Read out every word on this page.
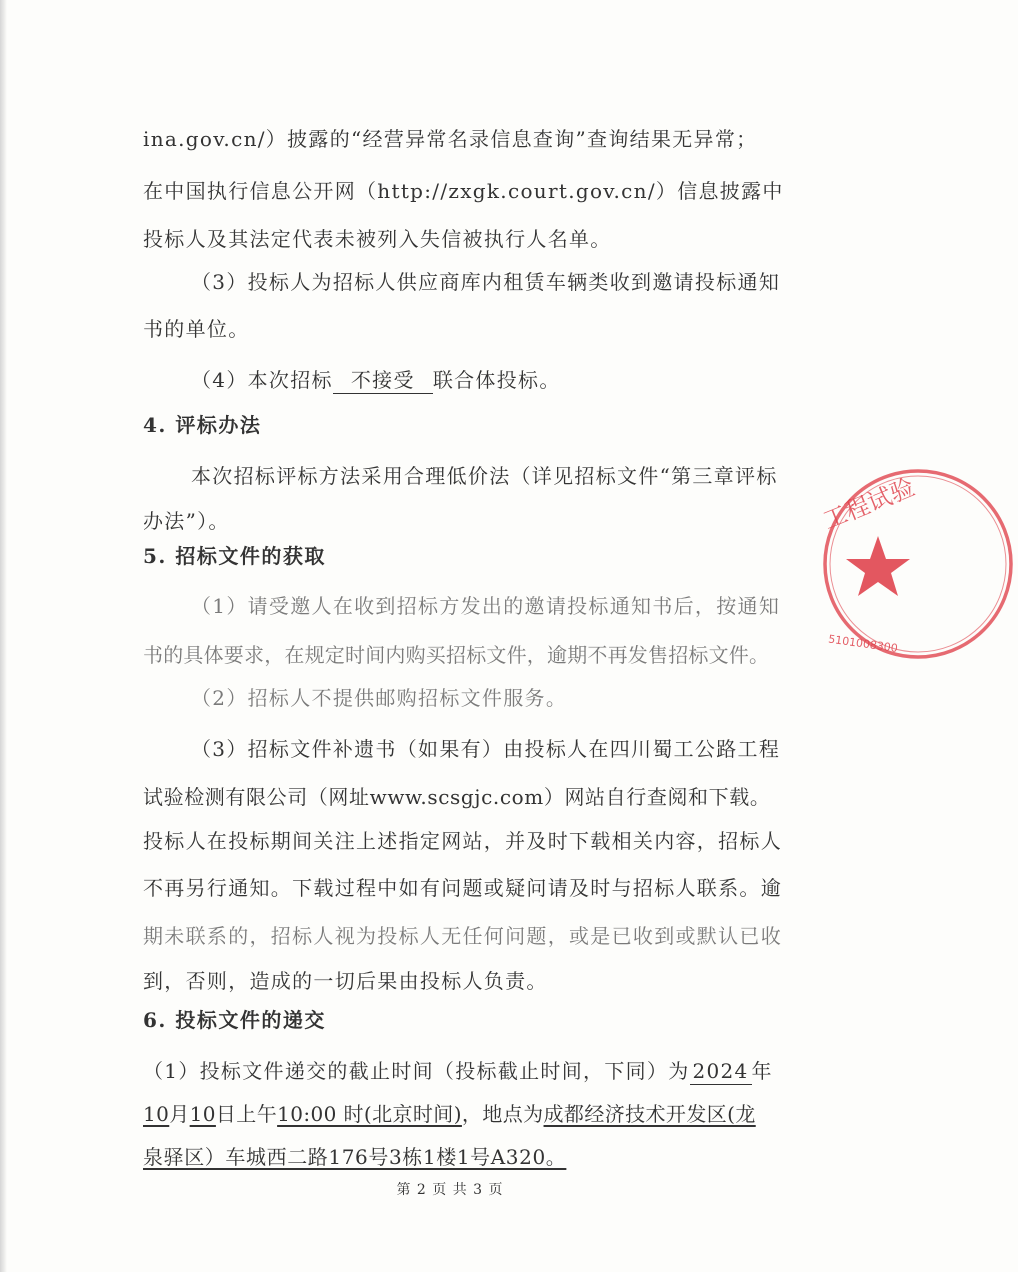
ina.gov.cn/）披露的“经营异常名录信息查询”查询结果无异常；
在中国执行信息公开网（http://zxgk.court.gov.cn/）信息披露中
投标人及其法定代表未被列入失信被执行人名单。
（3）投标人为招标人供应商库内租赁车辆类收到邀请投标通知
书的单位。
（4）本次招标 不接受 联合体投标。
4. 评标办法
本次招标评标方法采用合理低价法（详见招标文件“第三章评标
办法”）。
5. 招标文件的获取
（1）请受邀人在收到招标方发出的邀请投标通知书后，按通知
书的具体要求，在规定时间内购买招标文件，逾期不再发售招标文件。
（2）招标人不提供邮购招标文件服务。
（3）招标文件补遗书（如果有）由投标人在四川蜀工公路工程
试验检测有限公司（网址www.scsgjc.com）网站自行查阅和下载。
投标人在投标期间关注上述指定网站，并及时下载相关内容，招标人
不再另行通知。下载过程中如有问题或疑问请及时与招标人联系。逾
期未联系的，招标人视为投标人无任何问题，或是已收到或默认已收
到，否则，造成的一切后果由投标人负责。
6. 投标文件的递交
（1）投标文件递交的截止时间（投标截止时间，下同）为 2024 年
10月10日上午10:00 时(北京时间)，地点为成都经济技术开发区(龙
泉驿区）车城西二路176号3栋1楼1号A320。
第 2 页 共 3 页
工程试验
5101008300
